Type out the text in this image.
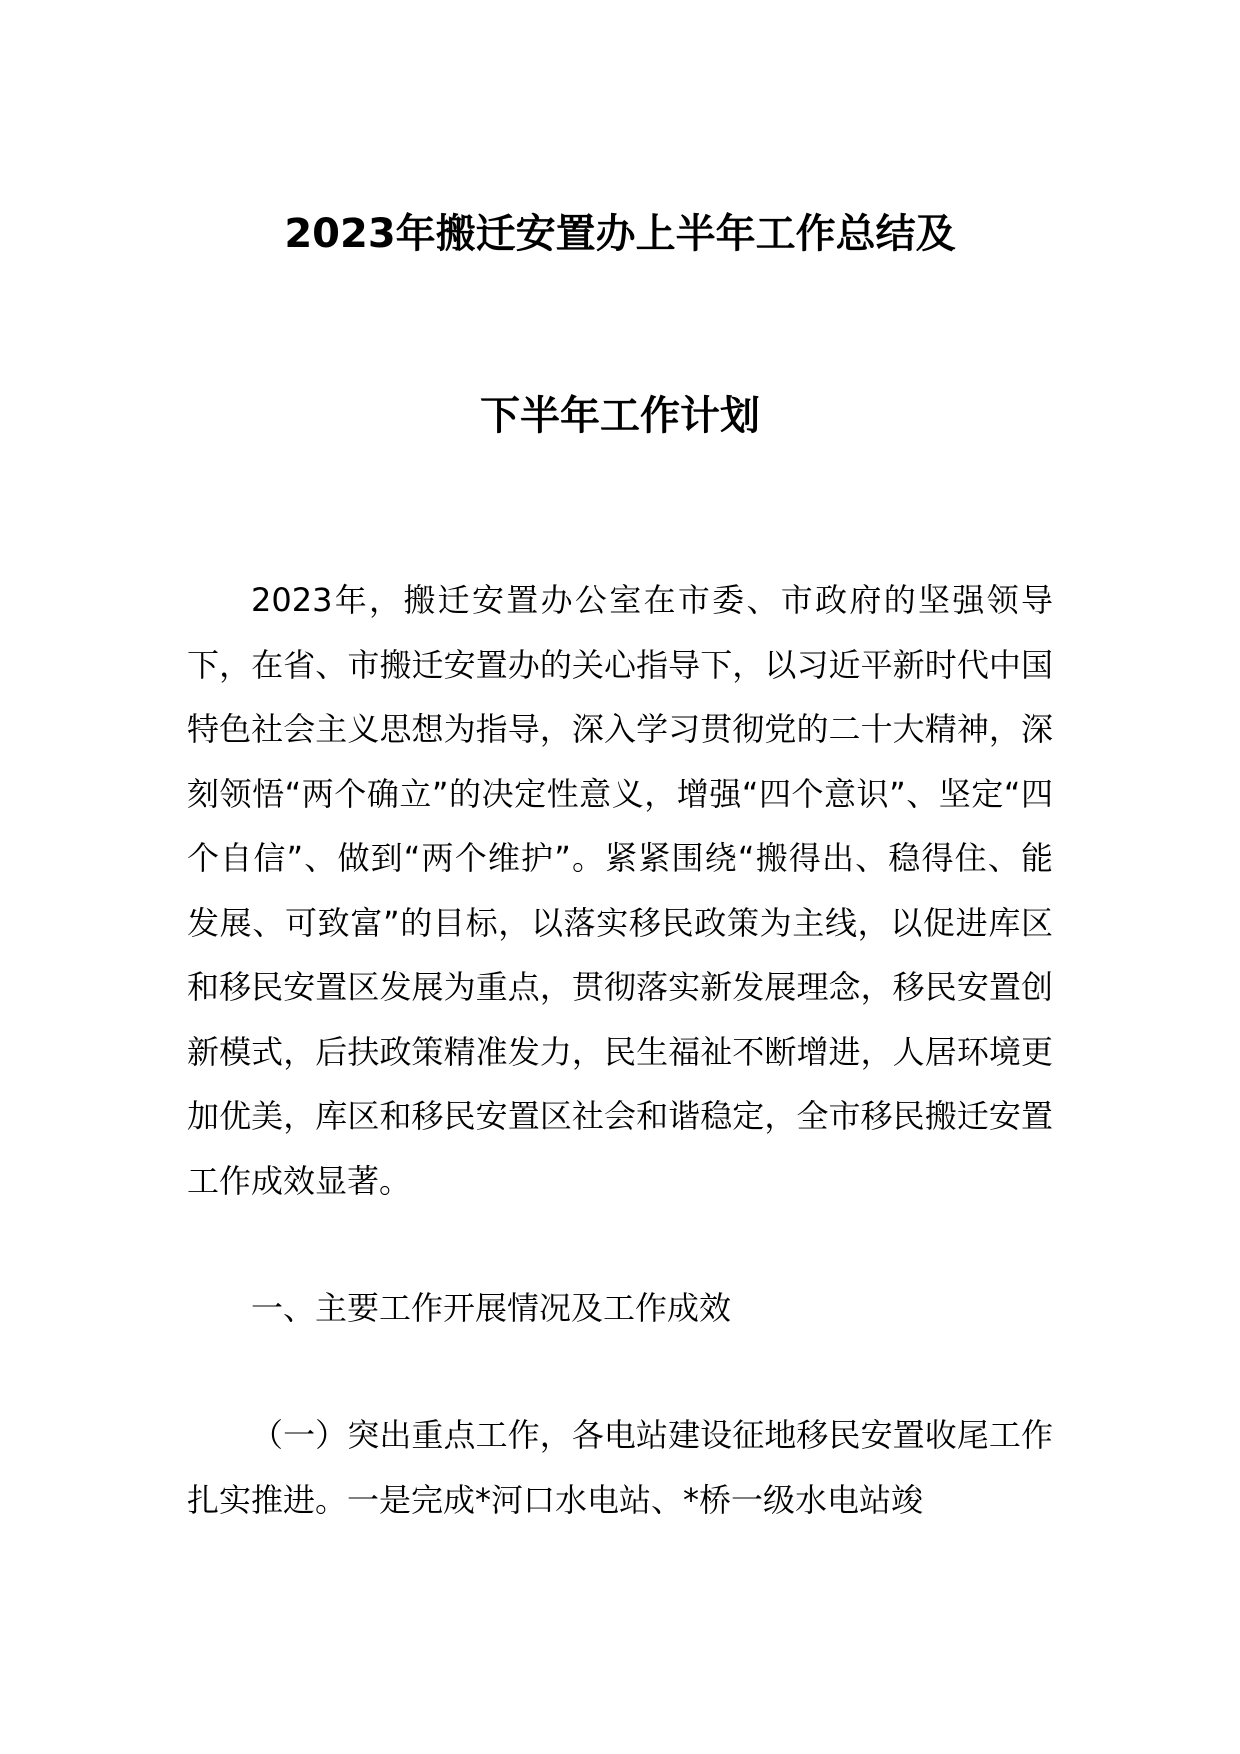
2023年搬迁安置办上半年工作总结及
下半年工作计划

2023年，搬迁安置办公室在市委、市政府的坚强领导下，在省、市搬迁安置办的关心指导下，以习近平新时代中国特色社会主义思想为指导，深入学习贯彻党的二十大精神，深刻领悟“两个确立”的决定性意义，增强“四个意识”、坚定“四个自信”、做到“两个维护”。紧紧围绕“搬得出、稳得住、能发展、可致富”的目标，以落实移民政策为主线，以促进库区和移民安置区发展为重点，贯彻落实新发展理念，移民安置创新模式，后扶政策精准发力，民生福祉不断增进，人居环境更加优美，库区和移民安置区社会和谐稳定，全市移民搬迁安置工作成效显著。

一、主要工作开展情况及工作成效

（一）突出重点工作，各电站建设征地移民安置收尾工作扎实推进。一是完成*河口水电站、*桥一级水电站竣
